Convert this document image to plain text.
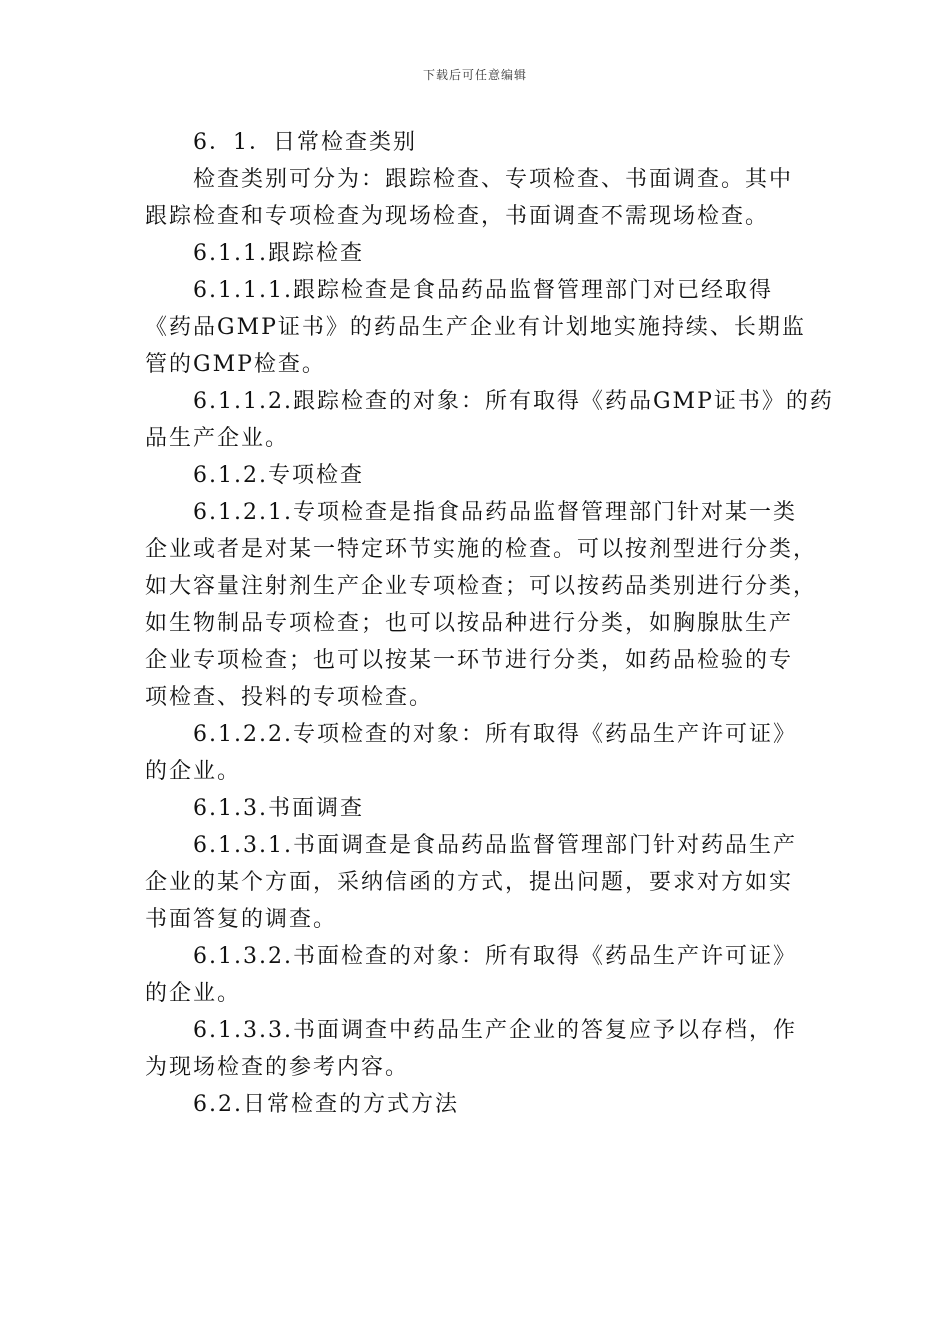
下载后可任意编辑
6．1．日常检查类别
检查类别可分为：跟踪检查、专项检查、书面调查。其中
跟踪检查和专项检查为现场检查，书面调查不需现场检查。
6.1.1.跟踪检查
6.1.1.1.跟踪检查是食品药品监督管理部门对已经取得
《药品GMP证书》的药品生产企业有计划地实施持续、长期监
管的GMP检查。
6.1.1.2.跟踪检查的对象：所有取得《药品GMP证书》的药
品生产企业。
6.1.2.专项检查
6.1.2.1.专项检查是指食品药品监督管理部门针对某一类
企业或者是对某一特定环节实施的检查。可以按剂型进行分类，
如大容量注射剂生产企业专项检查；可以按药品类别进行分类，
如生物制品专项检查；也可以按品种进行分类，如胸腺肽生产
企业专项检查；也可以按某一环节进行分类，如药品检验的专
项检查、投料的专项检查。
6.1.2.2.专项检查的对象：所有取得《药品生产许可证》
的企业。
6.1.3.书面调查
6.1.3.1.书面调查是食品药品监督管理部门针对药品生产
企业的某个方面，采纳信函的方式，提出问题，要求对方如实
书面答复的调查。
6.1.3.2.书面检查的对象：所有取得《药品生产许可证》
的企业。
6.1.3.3.书面调查中药品生产企业的答复应予以存档，作
为现场检查的参考内容。
6.2.日常检查的方式方法
